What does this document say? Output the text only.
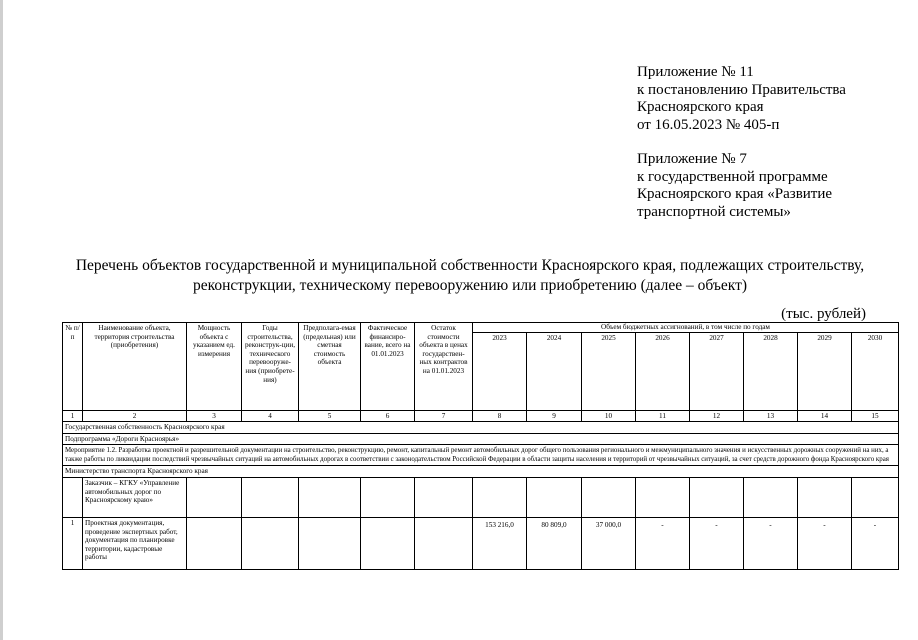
Приложение № 11
к постановлению Правительства
Красноярского края
от 16.05.2023 № 405-п
Приложение № 7
к государственной программе
Красноярского края «Развитие
транспортной системы»
Перечень объектов государственной и муниципальной собственности Красноярского края, подлежащих строительству,
реконструкции, техническому перевооружению или приобретению (далее – объект)
(тыс. рублей)
№ п/п	Наименование объекта, территория строительства (приобретения)	Мощность объекта с указанием ед. измерения	Годы строительства, реконструк-ции, технического перевооруже-ния (приобрете-ния)	Предполага-емая (предельная) или сметная стоимость объекта	Фактическое финансиро-вание, всего на 01.01.2023	Остаток стоимости объекта в ценах государствен-ных контрактов на 01.01.2023	Объем бюджетных ассигнований, в том числе по годам							
							2023	2024	2025	2026	2027	2028	2029	2030
1	2	3	4	5	6	7	8	9	10	11	12	13	14	15
Государственная собственность Красноярского края														
Подпрограмма «Дороги Красноярья»														
Мероприятие 1.2. Разработка проектной и разрешительной документации на строительство, реконструкцию, ремонт, капитальный ремонт автомобильных дорог общего пользования регионального и межмуниципального значения и искусственных дорожных сооружений на них, а также работы по ликвидации последствий чрезвычайных ситуаций на автомобильных дорогах в соответствии с законодательством Российской Федерации в области защиты населения и территорий от чрезвычайных ситуаций, за счет средств дорожного фонда Красноярского края														
Министерство транспорта Красноярского края														
	Заказчик – КГКУ «Управление автомобильных дорог по Красноярскому краю»													
1	Проектная документация, проведение экспертных работ, документация по планировке территории, кадастровые работы						153 216,0	80 809,0	37 000,0	-	-	-	-	-
